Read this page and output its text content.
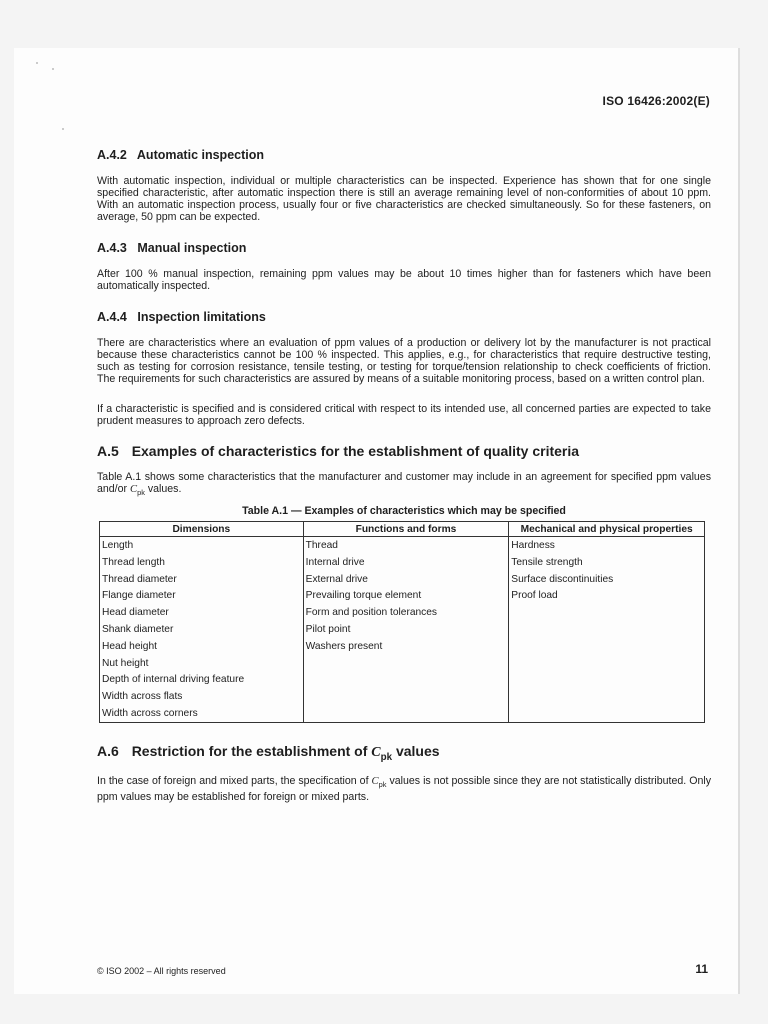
ISO 16426:2002(E)
A.4.2 Automatic inspection

With automatic inspection, individual or multiple characteristics can be inspected. Experience has shown that for one single specified characteristic, after automatic inspection there is still an average remaining level of non-conformities of about 10 ppm. With an automatic inspection process, usually four or five characteristics are checked simultaneously. So for these fasteners, on average, 50 ppm can be expected.

A.4.3 Manual inspection

After 100 % manual inspection, remaining ppm values may be about 10 times higher than for fasteners which have been automatically inspected.

A.4.4 Inspection limitations

There are characteristics where an evaluation of ppm values of a production or delivery lot by the manufacturer is not practical because these characteristics cannot be 100 % inspected. This applies, e.g., for characteristics that require destructive testing, such as testing for corrosion resistance, tensile testing, or testing for torque/tension relationship to check coefficients of friction. The requirements for such characteristics are assured by means of a suitable monitoring process, based on a written control plan.

If a characteristic is specified and is considered critical with respect to its intended use, all concerned parties are expected to take prudent measures to approach zero defects.

A.5 Examples of characteristics for the establishment of quality criteria

Table A.1 shows some characteristics that the manufacturer and customer may include in an agreement for specified ppm values and/or $C_{pk}$ values.

Table A.1 — Examples of characteristics which may be specified
Dimensions	Functions and forms	Mechanical and physical properties
Length	Thread	Hardness
Thread length	Internal drive	Tensile strength
Thread diameter	External drive	Surface discontinuities
Flange diameter	Prevailing torque element	Proof load
Head diameter	Form and position tolerances	
Shank diameter	Pilot point	
Head height	Washers present	
Nut height		
Depth of internal driving feature		
Width across flats		
Width across corners		
A.6 Restriction for the establishment of $C_{pk}$ values

In the case of foreign and mixed parts, the specification of $C_{pk}$ values is not possible since they are not statistically distributed. Only ppm values may be established for foreign or mixed parts.

© ISO 2002 – All rights reserved	11
